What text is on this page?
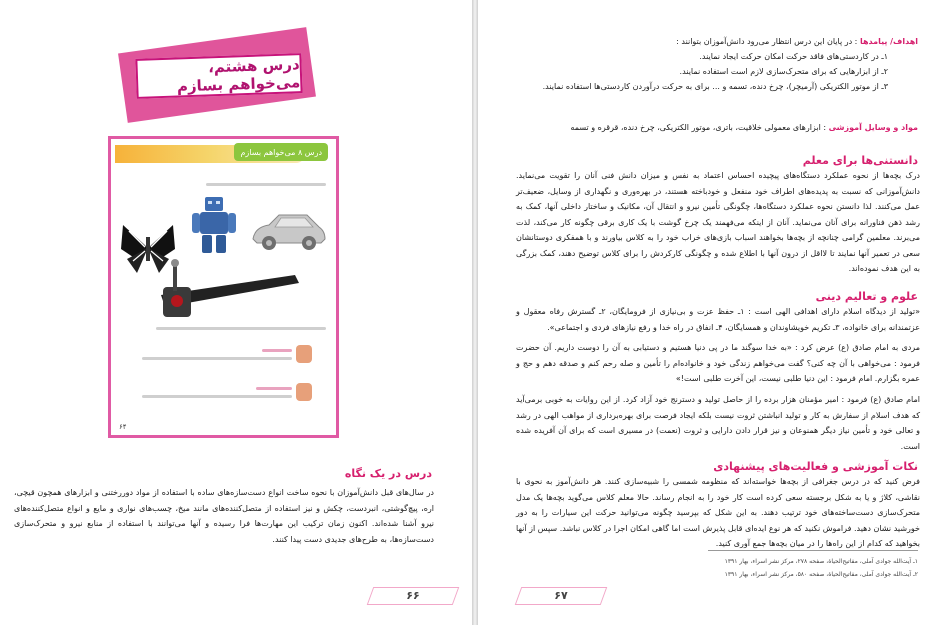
درس هشتم، می‌خواهم بسازم
درس ۸ می‌خواهم بسازم
۶۴
درس در یک نگاه
در سال‌های قبل دانش‌آموزان با نحوه ساخت انواع دست‌سازه‌های ساده با استفاده از مواد دوررختنی و ابزارهای همچون قیچی، اره، پیچ‌گوشتی، انبردست، چکش و نیز استفاده از متصل‌کننده‌های مانند میخ، چسب‌های نواری و مایع و انواع متصل‌کننده‌های نیرو آشنا شده‌اند. اکنون زمان ترکیب این مهارت‌ها فرا رسیده و آنها می‌توانند با استفاده از منابع نیرو و متحرک‌سازی دست‌سازه‌ها، به طرح‌های جدیدی دست پیدا کنند.
۶۶
اهداف/ پیامدها : در پایان این درس انتظار می‌رود دانش‌آموزان بتوانند :
۱ـ در کاردستی‌های فاقد حرکت امکان حرکت ایجاد نمایند.
۲ـ از ابزارهایی که برای متحرک‌سازی لازم است استفاده نمایند.
۳ـ از موتور الکتریکی (آرمیچر)، چرخ دنده، تسمه و ... برای به حرکت درآوردن کاردستی‌ها استفاده نمایند.
مواد و وسایل آموزشی : ابزارهای معمولی خلاقیت، باتری، موتور الکتریکی، چرخ دنده، قرقره و تسمه
دانستنی‌ها برای معلم
درک بچه‌ها از نحوه عملکرد دستگاه‌های پیچیده احساس اعتماد به نفس و میزان دانش فنی آنان را تقویت می‌نماید. دانش‌آموزانی که نسبت به پدیده‌های اطراف خود منفعل و خودباخته هستند، در بهره‌وری و نگهداری از وسایل، ضعیف‌تر عمل می‌کنند. لذا دانستن نحوه عملکرد دستگاه‌ها، چگونگی تأمین نیرو و انتقال آن، مکانیک و ساختار داخلی آنها، کمک به رشد ذهن فناورانه برای آنان می‌نماید. آنان از اینکه می‌فهمند یک چرخ گوشت با یک کاری برقی چگونه کار می‌کند، لذت می‌برند. معلمین گرامی چنانچه از بچه‌ها بخواهند اسباب بازی‌های خراب خود را به کلاس بیاورند و با همفکری دوستانشان سعی در تعمیر آنها نمایند تا لااقل از درون آنها با اطلاع شده و چگونگی کارکردش را برای کلاس توضیح دهند، کمک بزرگی به این هدف نموده‌اند.
علوم و تعالیم دینی
«تولید از دیدگاه اسلام دارای اهدافی الهی است : ۱ـ حفظ عزت و بی‌نیازی از فرومایگان، ۲ـ گسترش رفاه معقول و عزتمندانه برای خانواده، ۳ـ تکریم خویشاوندان و همسایگان، ۴ـ انفاق در راه خدا و رفع نیازهای فردی و اجتماعی».
مردی به امام صادق (ع) عرض کرد : «به خدا سوگند ما در پی دنیا هستیم و دستیابی به آن را دوست داریم. آن حضرت فرمود : می‌خواهی با آن چه کنی؟ گفت می‌خواهم زندگی خود و خانواده‌ام را تأمین و صله رحم کنم و صدقه دهم و حج و عمره بگزارم. امام فرمود : این دنیا طلبی نیست، این آخرت طلبی است!»
امام صادق (ع) فرمود : امیر مؤمنان هزار برده را از حاصل تولید و دسترنج خود آزاد کرد. از این روایات به خوبی برمی‌آید که هدف اسلام از سفارش به کار و تولید انباشتن ثروت نیست بلکه ایجاد فرصت برای بهره‌برداری از مواهب الهی در رشد و تعالی خود و تأمین نیاز دیگر همنوعان و نیز قرار دادن دارایی و ثروت (نعمت) در مسیری است که برای آن آفریده شده است.
نکات آموزشی و فعالیت‌های پیشنهادی
فرض کنید که در درس جغرافی از بچه‌ها خواسته‌اند که منظومه شمسی را شبیه‌سازی کنند. هر دانش‌آموز به نحوی با نقاشی، کلاژ و یا به شکل برجسته سعی کرده است کار خود را به انجام رساند. حالا معلم کلاس می‌گوید بچه‌ها یک مدل متحرک‌سازی دست‌ساخته‌های خود ترتیب دهند. به این شکل که بپرسید چگونه می‌توانید حرکت این سیارات را به دور خورشید نشان دهید. فراموش نکنید که هر نوع ایده‌ای قابل پذیرش است اما گاهی امکان اجرا در کلاس نباشد. سپس از آنها بخواهید که کدام از این راه‌ها را در میان بچه‌ها جمع آوری کنید.
۱ـ آیت‌الله جوادی آملی، مفاتیح‌الحیاة، صفحه ۲۷۸، مرکز نشر اسراء، بهار ۱۳۹۱
۲ـ آیت‌الله جوادی آملی، مفاتیح‌الحیاة، صفحه ۵۸۰، مرکز نشر اسراء، بهار ۱۳۹۱
۶۷
